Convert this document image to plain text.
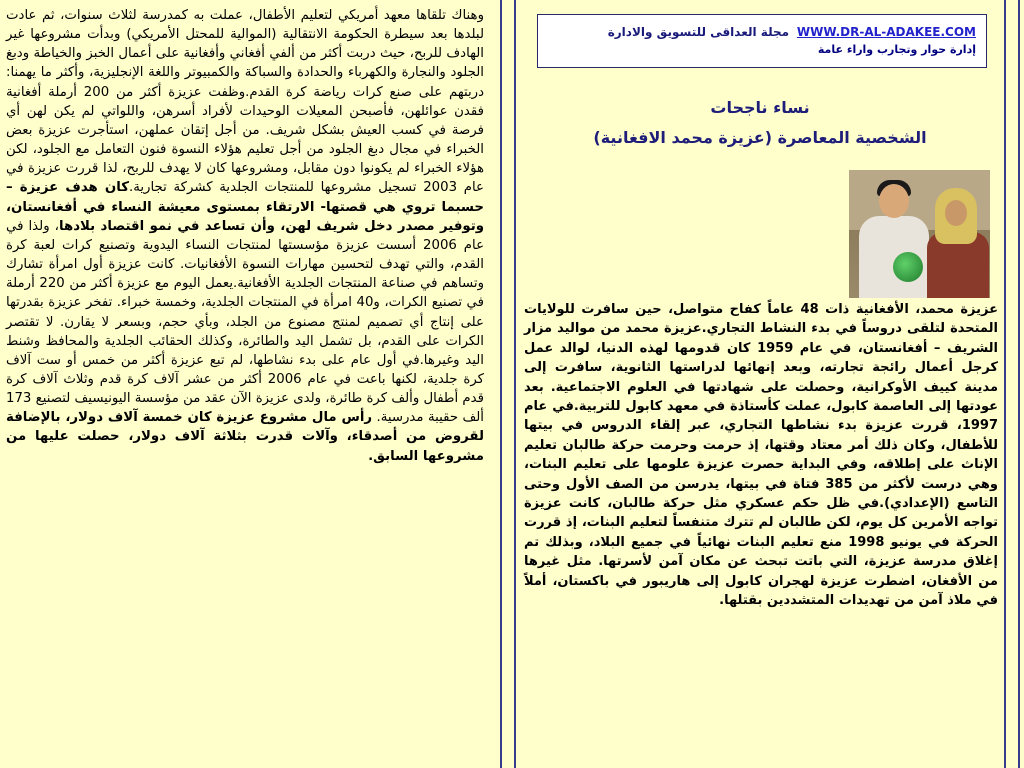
وهناك تلقاها معهد أمريكي لتعليم الأطفال، عملت به كمدرسة لثلاث سنوات، ثم عادت لبلدها بعد سيطرة الحكومة الانتقالية (الموالية للمحتل الأمريكي) وبدأت مشروعها غير الهادف للربح، حيث دربت أكثر من ألفي أفغاني وأفغانية على أعمال الخبز والخياطة ودبغ الجلود والنجارة والكهرباء والحدادة والسباكة والكمبيوتر واللغة الإنجليزية، وأكثر ما يهمنا: دربتهم على صنع كرات رياضة كرة القدم.وظفت عزيزة أكثر من 200 أرملة أفغانية فقدن عوائلهن، فأصبحن المعيلات الوحيدات لأفراد أسرهن، واللواتي لم يكن لهن أي فرصة في كسب العيش بشكل شريف. من أجل إتقان عملهن، استأجرت عزيزة بعض الخبراء في مجال دبغ الجلود من أجل تعليم هؤلاء النسوة فنون التعامل مع الجلود، لكن هؤلاء الخبراء لم يكونوا دون مقابل، ومشروعها كان لا يهدف للربح، لذا قررت عزيزة في عام 2003 تسجيل مشروعها للمنتجات الجلدية كشركة تجارية.كان هدف عزيزة – حسبما تروي هي قصتها- الارتقاء بمستوى معيشة النساء في أفغانستان، وتوفير مصدر دخل شريف لهن، وأن تساعد في نمو اقتصاد بلادها، ولذا في عام 2006 أسست عزيزة مؤسستها لمنتجات النساء اليدوية وتصنيع كرات لعبة كرة القدم، والتي تهدف لتحسين مهارات النسوة الأفغانيات. كانت عزيزة أول امرأة تشارك وتساهم في صناعة المنتجات الجلدية الأفغانية.يعمل اليوم مع عزيزة أكثر من 220 أرملة في تصنيع الكرات، و40 امرأة في المنتجات الجلدية، وخمسة خبراء. تفخر عزيزة بقدرتها على إنتاج أي تصميم لمنتج مصنوع من الجلد، وبأي حجم، وبسعر لا يقارن. لا تقتصر الكرات على القدم، بل تشمل اليد والطائرة، وكذلك الحقائب الجلدية والمحافظ وشنط اليد وغيرها.في أول عام على بدء نشاطها، لم تبع عزيزة أكثر من خمس أو ست آلاف كرة جلدية، لكنها باعت في عام 2006 أكثر من عشر آلاف كرة قدم وثلاث آلاف كرة قدم أطفال وألف كرة طائرة، ولدى عزيزة الآن عقد من مؤسسة اليونيسيف لتصنيع 173 ألف حقيبة مدرسية. رأس مال مشروع عزيزة كان خمسة آلاف دولار، بالإضافة لقروض من أصدقاء، وآلات قدرت بثلاثة آلاف دولار، حصلت عليها من مشروعها السابق.
WWW.DR-AL-ADAKEE.COM مجلة العداقى للتسويق والادارة
إدارة حوار وتجارب واراء عامة
نساء ناجحات
الشخصية المعاصرة (عزيزة محمد الافغانية)
عزيزة محمد، الأفغانية ذات 48 عاماً كفاح متواصل، حين سافرت للولايات المتحدة لتلقى دروساً في بدء النشاط التجاري.عزيزة محمد من مواليد مزار الشريف – أفغانستان، في عام 1959 كان قدومها لهذه الدنيا، لوالد عمل كرجل أعمال رائجة تجارته، وبعد إنهائها لدراستها الثانوية، سافرت إلى مدينة كييف الأوكرانية، وحصلت على شهادتها في العلوم الاجتماعية. بعد عودتها إلى العاصمة كابول، عملت كأستاذة في معهد كابول للتربية.في عام 1997، قررت عزيزة بدء نشاطها التجاري، عبر إلقاء الدروس في بيتها للأطفال، وكان ذلك أمر معتاد وقتها، إذ حرمت وحرمت حركة طالبان تعليم الإناث على إطلاقه، وفي البداية حصرت عزيزة علومها على تعليم البنات، وهي درست لأكثر من 385 فتاة في بيتها، يدرسن من الصف الأول وحتى التاسع (الإعدادي).في ظل حكم عسكري مثل حركة طالبان، كانت عزيزة تواجه الأمرين كل يوم، لكن طالبان لم تترك متنفساً لتعليم البنات، إذ قررت الحركة في يونيو 1998 منع تعليم البنات نهائياً في جميع البلاد، وبذلك تم إغلاق مدرسة عزيزة، التي باتت تبحث عن مكان آمن لأسرتها. مثل غيرها من الأفغان، اضطرت عزيزة لهجران كابول إلى هاريبور في باكستان، أملاً في ملاذ آمن من تهديدات المتشددين بقتلها.
